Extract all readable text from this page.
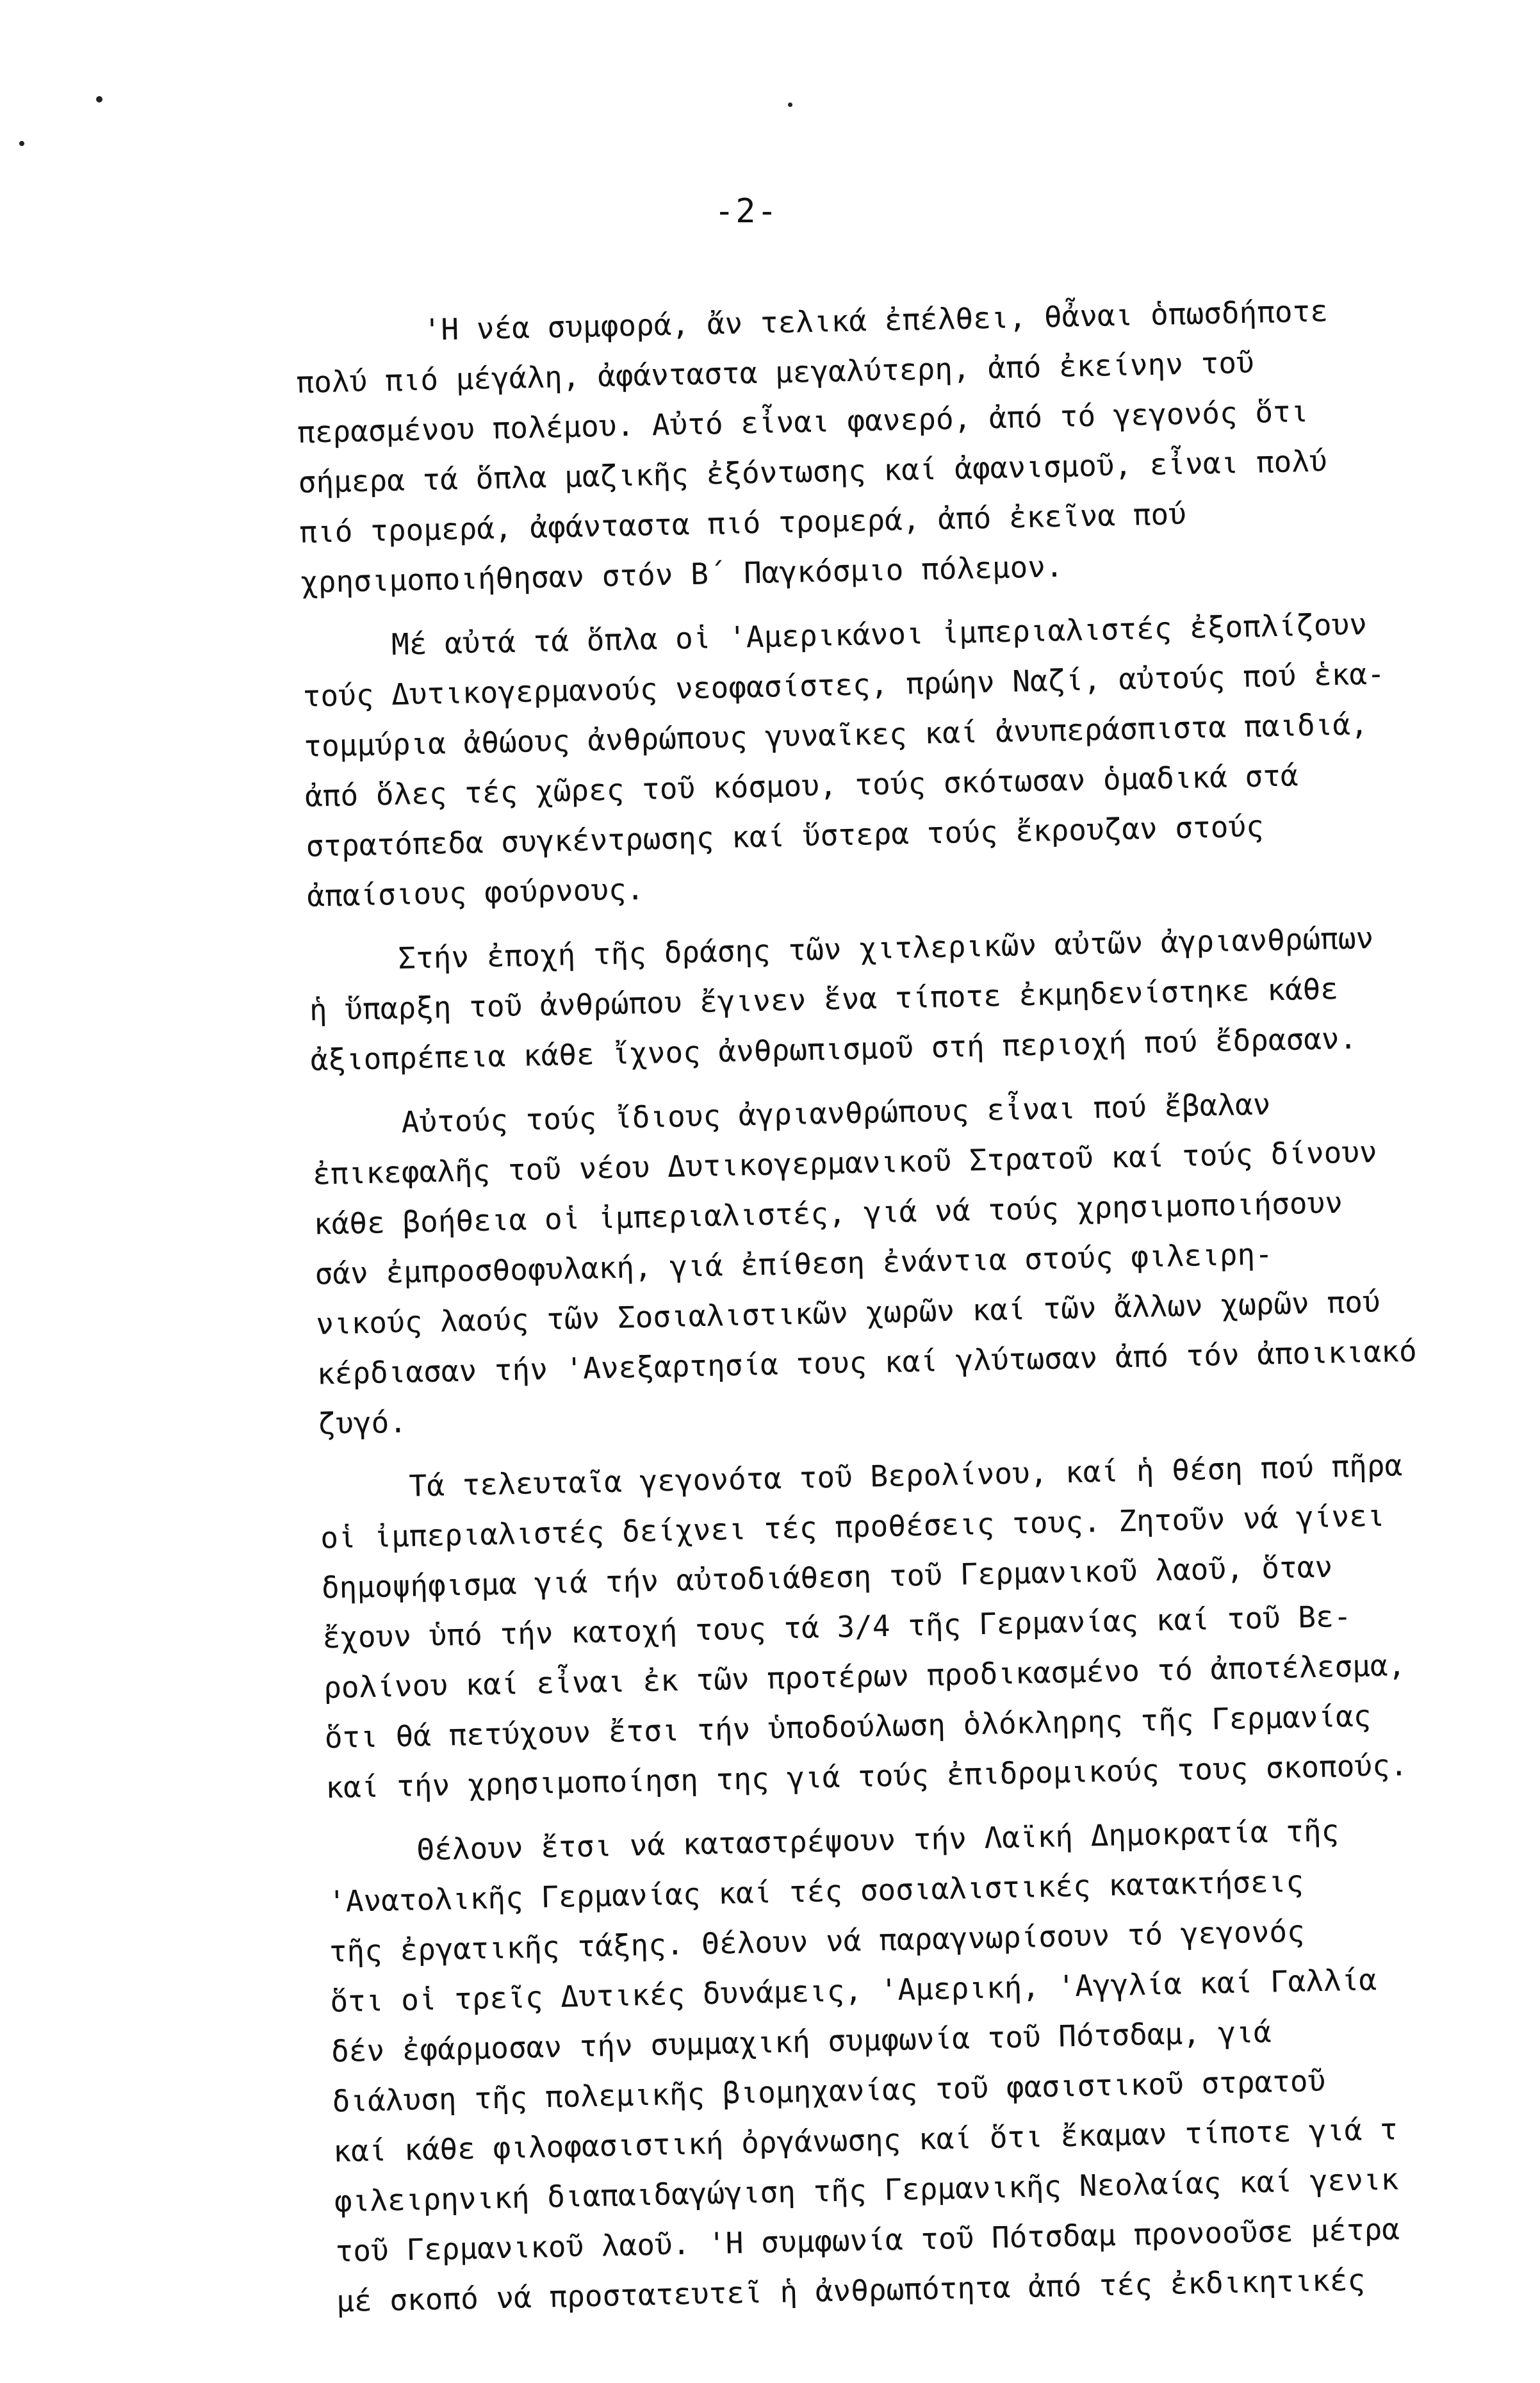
-2-
'Η νέα συμφορά, ἄν τελικά ἐπέλθει, θἆναι ὁπωσδήποτε
πολύ πιό μέγάλη, ἀφάνταστα μεγαλύτερη, ἀπό ἐκείνην τοῦ
περασμένου πολέμου. Αὐτό εἶναι φανερό, ἀπό τό γεγονός ὅτι
σήμερα τά ὅπλα μαζικῆς ἐξόντωσης καί ἀφανισμοῦ, εἶναι πολύ
πιό τρομερά, ἀφάνταστα πιό τρομερά, ἀπό ἐκεῖνα πού
χρησιμοποιήθησαν στόν Β΄ Παγκόσμιο πόλεμον.
Μέ αὐτά τά ὅπλα οἱ 'Αμερικάνοι ἰμπεριαλιστές ἐξοπλίζουν
τούς Δυτικογερμανούς νεοφασίστες, πρώην Ναζί, αὐτούς πού ἑκα-
τομμύρια ἀθώους ἀνθρώπους γυναῖκες καί ἀνυπεράσπιστα παιδιά,
ἀπό ὅλες τές χῶρες τοῦ κόσμου, τούς σκότωσαν ὁμαδικά στά
στρατόπεδα συγκέντρωσης καί ὕστερα τούς ἔκρουζαν στούς
ἀπαίσιους φούρνους.
Στήν ἐποχή τῆς δράσης τῶν χιτλερικῶν αὐτῶν ἀγριανθρώπων
ἡ ὕπαρξη τοῦ ἀνθρώπου ἔγινεν ἕνα τίποτε ἐκμηδενίστηκε κάθε
ἀξιοπρέπεια κάθε ἴχνος ἀνθρωπισμοῦ στή περιοχή πού ἔδρασαν.
Αὐτούς τούς ἴδιους ἀγριανθρώπους εἶναι πού ἔβαλαν
ἐπικεφαλῆς τοῦ νέου Δυτικογερμανικοῦ Στρατοῦ καί τούς δίνουν
κάθε βοήθεια οἱ ἰμπεριαλιστές, γιά νά τούς χρησιμοποιήσουν
σάν ἐμπροσθοφυλακή, γιά ἐπίθεση ἐνάντια στούς φιλειρη-
νικούς λαούς τῶν Σοσιαλιστικῶν χωρῶν καί τῶν ἄλλων χωρῶν πού
κέρδιασαν τήν 'Ανεξαρτησία τους καί γλύτωσαν ἀπό τόν ἀποικιακό
ζυγό.
Τά τελευταῖα γεγονότα τοῦ Βερολίνου, καί ἡ θέση πού πῆρα
οἱ ἰμπεριαλιστές δείχνει τές προθέσεις τους. Ζητοῦν νά γίνει
δημοψήφισμα γιά τήν αὐτοδιάθεση τοῦ Γερμανικοῦ λαοῦ, ὅταν
ἔχουν ὑπό τήν κατοχή τους τά 3/4 τῆς Γερμανίας καί τοῦ Βε-
ρολίνου καί εἶναι ἐκ τῶν προτέρων προδικασμένο τό ἀποτέλεσμα,
ὅτι θά πετύχουν ἔτσι τήν ὑποδούλωση ὁλόκληρης τῆς Γερμανίας
καί τήν χρησιμοποίηση της γιά τούς ἐπιδρομικούς τους σκοπούς.
Θέλουν ἔτσι νά καταστρέψουν τήν Λαϊκή Δημοκρατία τῆς
'Ανατολικῆς Γερμανίας καί τές σοσιαλιστικές κατακτήσεις
τῆς ἐργατικῆς τάξης. Θέλουν νά παραγνωρίσουν τό γεγονός
ὅτι οἱ τρεῖς Δυτικές δυνάμεις, 'Αμερική, 'Αγγλία καί Γαλλία
δέν ἐφάρμοσαν τήν συμμαχική συμφωνία τοῦ Πότσδαμ, γιά
διάλυση τῆς πολεμικῆς βιομηχανίας τοῦ φασιστικοῦ στρατοῦ
καί κάθε φιλοφασιστική ὀργάνωσης καί ὅτι ἔκαμαν τίποτε γιά τ
φιλειρηνική διαπαιδαγώγιση τῆς Γερμανικῆς Νεολαίας καί γενικ
τοῦ Γερμανικοῦ λαοῦ. 'Η συμφωνία τοῦ Πότσδαμ προνοοῦσε μέτρα
μέ σκοπό νά προστατευτεῖ ἡ ἀνθρωπότητα ἀπό τές ἐκδικητικές
